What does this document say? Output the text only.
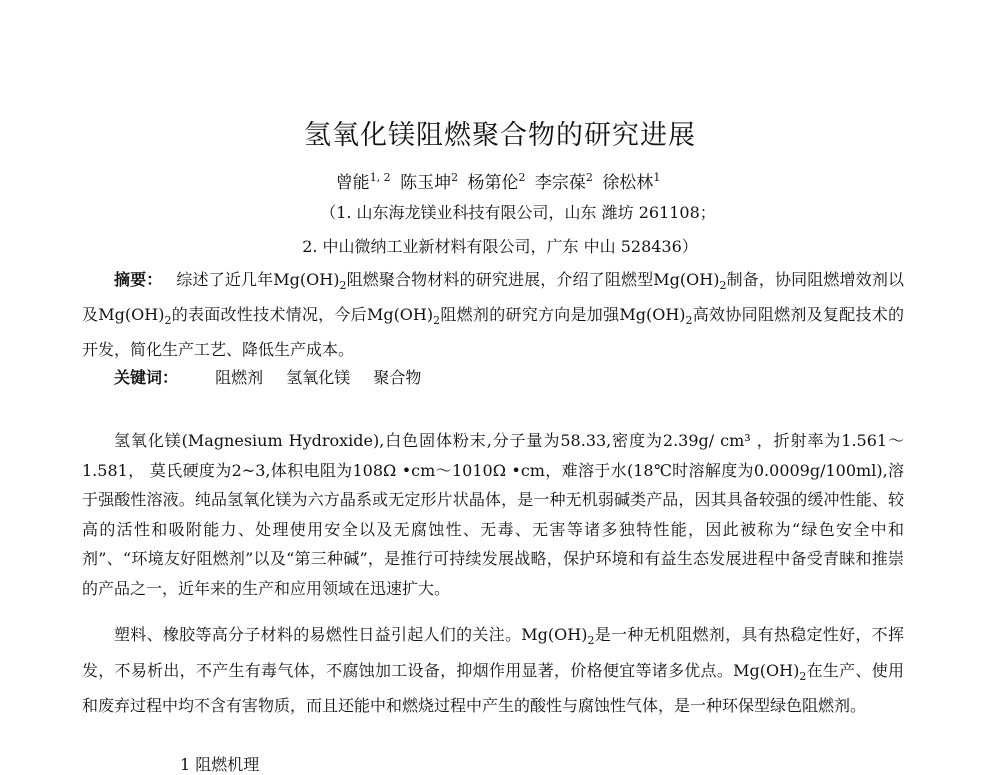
氢氧化镁阻燃聚合物的研究进展
曾能$^{1, 2}$ 陈玉坤$^2$ 杨第伦$^2$ 李宗葆$^2$ 徐松林$^1$
（1. 山东海龙镁业科技有限公司，山东 潍坊 261108；
2. 中山微纳工业新材料有限公司，广东 中山 528436）

摘要： 综述了近几年$Mg(OH)_2$阻燃聚合物材料的研究进展，介绍了阻燃型$Mg(OH)_2$制备，协同阻燃增效剂以及$Mg(OH)_2$的表面改性技术情况，今后$Mg(OH)_2$阻燃剂的研究方向是加强$Mg(OH)_2$高效协同阻燃剂及复配技术的开发，简化生产工艺、降低生产成本。

关键词： 阻燃剂 氢氧化镁 聚合物

氢氧化镁(Magnesium Hydroxide),白色固体粉末,分子量为58.33,密度为2.39g/ cm³ ，折射率为1.561～1.581， 莫氏硬度为2~3,体积电阻为108Ω •cm～1010Ω •cm，难溶于水(18℃时溶解度为0.0009g/100ml),溶于强酸性溶液。纯品氢氧化镁为六方晶系或无定形片状晶体，是一种无机弱碱类产品，因其具备较强的缓冲性能、较高的活性和吸附能力、处理使用安全以及无腐蚀性、无毒、无害等诸多独特性能，因此被称为“绿色安全中和剂”、“环境友好阻燃剂”以及“第三种碱”，是推行可持续发展战略，保护环境和有益生态发展进程中备受青睐和推崇的产品之一，近年来的生产和应用领域在迅速扩大。

塑料、橡胶等高分子材料的易燃性日益引起人们的关注。$Mg(OH)_2$是一种无机阻燃剂，具有热稳定性好，不挥发，不易析出，不产生有毒气体，不腐蚀加工设备，抑烟作用显著，价格便宜等诸多优点。$Mg(OH)_2$在生产、使用和废弃过程中均不含有害物质，而且还能中和燃烧过程中产生的酸性与腐蚀性气体，是一种环保型绿色阻燃剂。

1 阻燃机理
